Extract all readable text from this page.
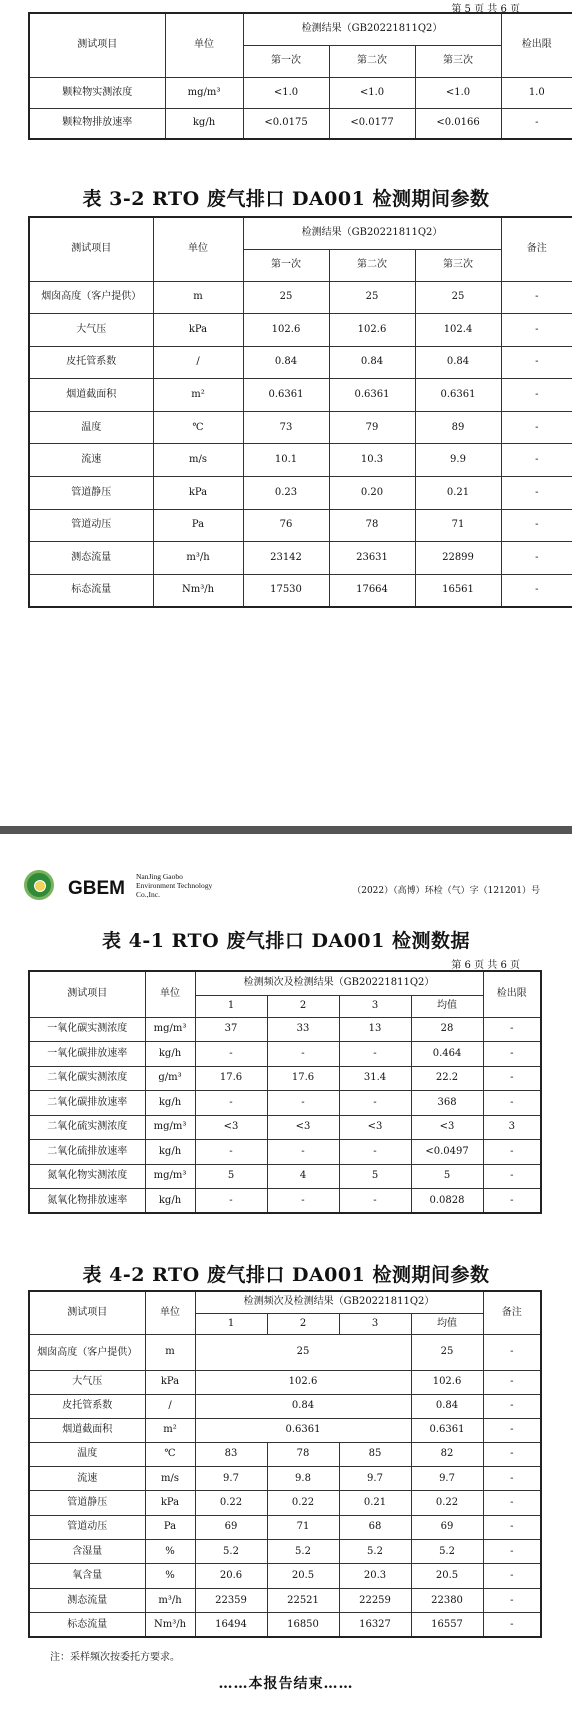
第 5 页 共 6 页
测试项目	单位	检测结果（GB20221811Q2）			检出限
		第一次	第二次	第三次	
颗粒物实测浓度	mg/m³	<1.0	<1.0	<1.0	1.0
颗粒物排放速率	kg/h	<0.0175	<0.0177	<0.0166	-
表 3-2 RTO 废气排口 DA001 检测期间参数
测试项目	单位	检测结果（GB20221811Q2）			备注
		第一次	第二次	第三次	
烟囱高度（客户提供）	m	25	25	25	-
大气压	kPa	102.6	102.6	102.4	-
皮托管系数	/	0.84	0.84	0.84	-
烟道截面积	m²	0.6361	0.6361	0.6361	-
温度	℃	73	79	89	-
流速	m/s	10.1	10.3	9.9	-
管道静压	kPa	0.23	0.20	0.21	-
管道动压	Pa	76	78	71	-
测态流量	m³/h	23142	23631	22899	-
标态流量	Nm³/h	17530	17664	16561	-
GBEM
NanJing Gaobo
Environment Technology
Co.,Inc.	（2022）（高博）环检（气）字（121201）号
表 4-1 RTO 废气排口 DA001 检测数据
第 6 页 共 6 页
测试项目	单位	检测频次及检测结果（GB20221811Q2）				检出限
		1	2	3	均值	
一氧化碳实测浓度	mg/m³	37	33	13	28	-
一氧化碳排放速率	kg/h	-	-	-	0.464	-
二氧化碳实测浓度	g/m³	17.6	17.6	31.4	22.2	-
二氧化碳排放速率	kg/h	-	-	-	368	-
二氧化硫实测浓度	mg/m³	<3	<3	<3	<3	3
二氧化硫排放速率	kg/h	-	-	-	<0.0497	-
氮氧化物实测浓度	mg/m³	5	4	5	5	-
氮氧化物排放速率	kg/h	-	-	-	0.0828	-
表 4-2 RTO 废气排口 DA001 检测期间参数
测试项目	单位	检测频次及检测结果（GB20221811Q2）				备注
		1	2	3	均值	
烟囱高度（客户提供）	m	25			25	-
大气压	kPa	102.6			102.6	-
皮托管系数	/	0.84			0.84	-
烟道截面积	m²	0.6361			0.6361	-
温度	℃	83	78	85	82	-
流速	m/s	9.7	9.8	9.7	9.7	-
管道静压	kPa	0.22	0.22	0.21	0.22	-
管道动压	Pa	69	71	68	69	-
含湿量	%	5.2	5.2	5.2	5.2	-
氧含量	%	20.6	20.5	20.3	20.5	-
测态流量	m³/h	22359	22521	22259	22380	-
标态流量	Nm³/h	16494	16850	16327	16557	-
注：采样频次按委托方要求。
……本报告结束……
